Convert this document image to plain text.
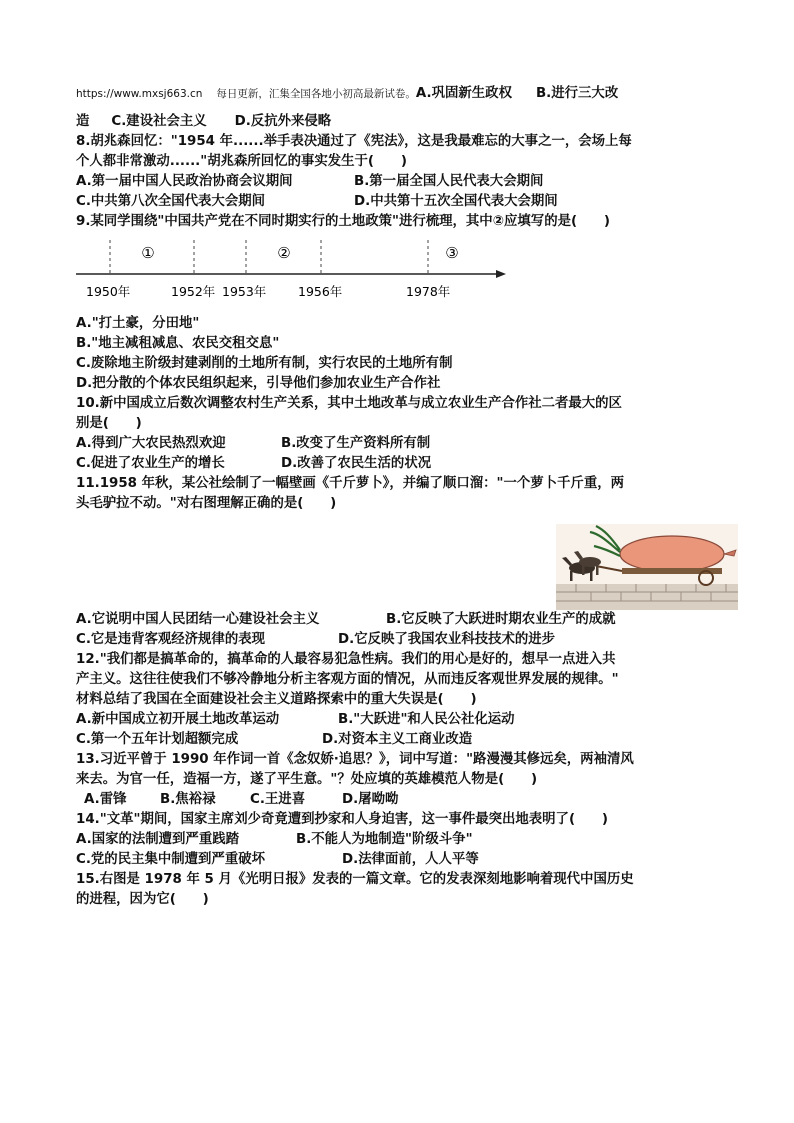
https://www.mxsj663.cn 每日更新，汇集全国各地小初高最新试卷。A.巩固新生政权 B.进行三大改
造 C.建设社会主义 D.反抗外来侵略
8.胡兆森回忆："1954 年......举手表决通过了《宪法》，这是我最难忘的大事之一，会场上每
个人都非常激动......"胡兆森所回忆的事实发生于(　　)
A.第一届中国人民政治协商会议期间	B.第一届全国人民代表大会期间
C.中共第八次全国代表大会期间	D.中共第十五次全国代表大会期间
9.某同学围绕"中国共产党在不同时期实行的土地政策"进行梳理，其中②应填写的是(　　)
①	②	③
1950年	1952年 1953年	1956年	1978年
A."打土豪，分田地"
B."地主减租减息、农民交租交息"
C.废除地主阶级封建剥削的土地所有制，实行农民的土地所有制
D.把分散的个体农民组织起来，引导他们参加农业生产合作社
10.新中国成立后数次调整农村生产关系，其中土地改革与成立农业生产合作社二者最大的区
别是(　　)
A.得到广大农民热烈欢迎	B.改变了生产资料所有制
C.促进了农业生产的增长	D.改善了农民生活的状况
11.1958 年秋，某公社绘制了一幅壁画《千斤萝卜》，并编了顺口溜："一个萝卜千斤重，两
头毛驴拉不动。"对右图理解正确的是(　　)
A.它说明中国人民团结一心建设社会主义	B.它反映了大跃进时期农业生产的成就
C.它是违背客观经济规律的表现	D.它反映了我国农业科技技术的进步
12."我们都是搞革命的，搞革命的人最容易犯急性病。我们的用心是好的，想早一点进入共
产主义。这往往使我们不够冷静地分析主客观方面的情况，从而违反客观世界发展的规律。"
材料总结了我国在全面建设社会主义道路探索中的重大失误是(　　)
A.新中国成立初开展土地改革运动	B."大跃进"和人民公社化运动
C.第一个五年计划超额完成	D.对资本主义工商业改造
13.习近平曾于 1990 年作词一首《念奴娇·追思？》，词中写道："路漫漫其修远矣，两袖清风
来去。为官一任，造福一方，遂了平生意。"？处应填的英雄模范人物是(　　)
A.雷锋	B.焦裕禄	C.王进喜	D.屠呦呦
14."文革"期间，国家主席刘少奇竟遭到抄家和人身迫害，这一事件最突出地表明了(　　)
A.国家的法制遭到严重践踏	B.不能人为地制造"阶级斗争"
C.党的民主集中制遭到严重破坏	D.法律面前，人人平等
15.右图是 1978 年 5 月《光明日报》发表的一篇文章。它的发表深刻地影响着现代中国历史
的进程，因为它(　　)
